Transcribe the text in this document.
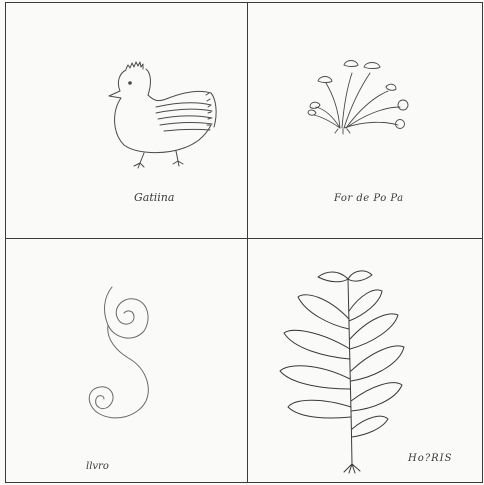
Gatiina	For de Po Pa
llvro
Ho?RIS
